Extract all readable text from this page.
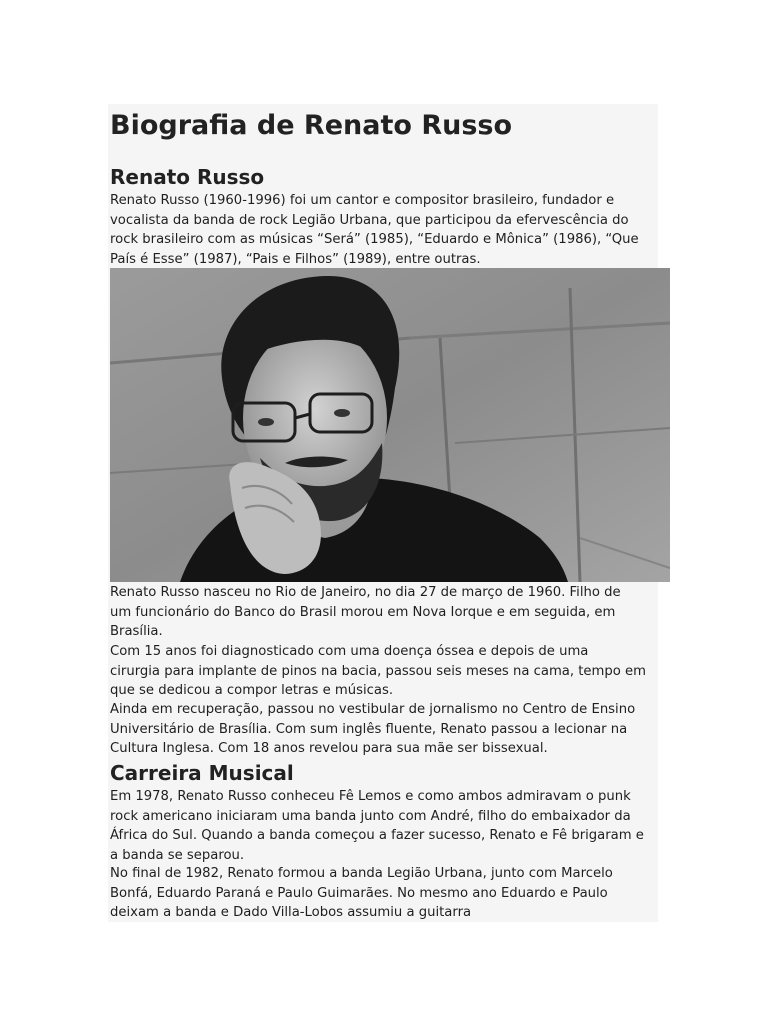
Biografia de Renato Russo
Renato Russo

Renato Russo (1960-1996) foi um cantor e compositor brasileiro, fundador e
vocalista da banda de rock Legião Urbana, que participou da efervescência do
rock brasileiro com as músicas “Será” (1985), “Eduardo e Mônica” (1986), “Que
País é Esse” (1987), “Pais e Filhos” (1989), entre outras.

Renato Russo nasceu no Rio de Janeiro, no dia 27 de março de 1960. Filho de
um funcionário do Banco do Brasil morou em Nova Iorque e em seguida, em
Brasília.

Com 15 anos foi diagnosticado com uma doença óssea e depois de uma
cirurgia para implante de pinos na bacia, passou seis meses na cama, tempo em
que se dedicou a compor letras e músicas.

Ainda em recuperação, passou no vestibular de jornalismo no Centro de Ensino
Universitário de Brasília. Com sum inglês fluente, Renato passou a lecionar na
Cultura Inglesa. Com 18 anos revelou para sua mãe ser bissexual.

Carreira Musical

Em 1978, Renato Russo conheceu Fê Lemos e como ambos admiravam o punk
rock americano iniciaram uma banda junto com André, filho do embaixador da
África do Sul. Quando a banda começou a fazer sucesso, Renato e Fê brigaram e
a banda se separou.

No final de 1982, Renato formou a banda Legião Urbana, junto com Marcelo
Bonfá, Eduardo Paraná e Paulo Guimarães. No mesmo ano Eduardo e Paulo
deixam a banda e Dado Villa-Lobos assumiu a guitarra
